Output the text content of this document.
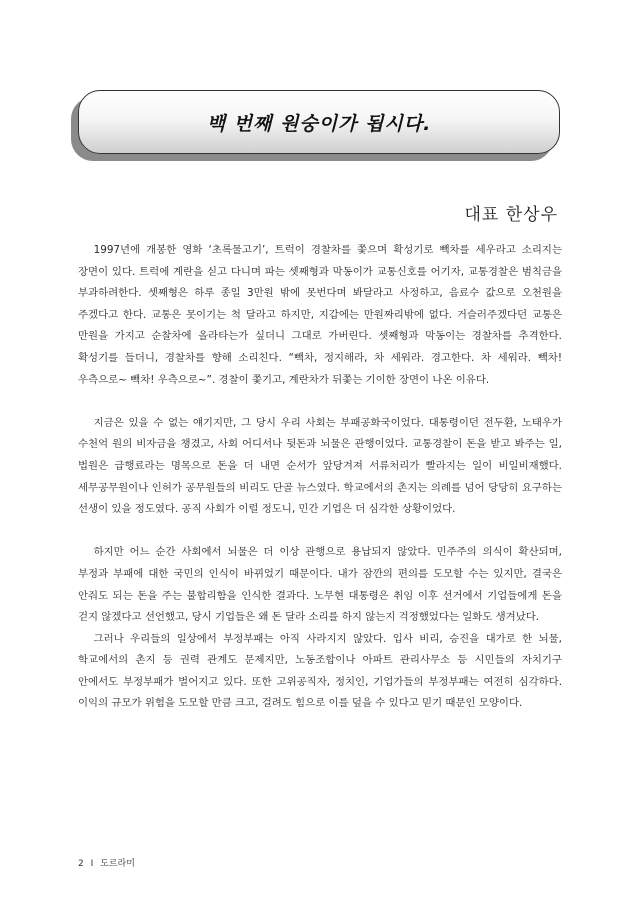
백 번째 원숭이가 됩시다.
대표 한상우

1997년에 개봉한 영화 ‘초록물고기’, 트럭이 경찰차를 쫓으며 확성기로 빽차를 세우라고 소리지는 장면이 있다. 트럭에 계란을 싣고 다니며 파는 셋째형과 막동이가 교통신호를 어기자, 교통경찰은 범칙금을 부과하려한다. 셋째형은 하루 종일 3만원 밖에 못번다며 봐달라고 사정하고, 음료수 값으로 오천원을 주겠다고 한다. 교통은 못이기는 척 달라고 하지만, 지갑에는 만원짜리밖에 없다. 거슬러주겠다던 교통은 만원을 가지고 순찰차에 올라타는가 싶더니 그대로 가버린다. 셋째형과 막동이는 경찰차를 추격한다. 확성기를 들더니, 경찰차를 향해 소리친다. “빽차, 정지해라, 차 세워라. 경고한다. 차 세워라. 빽차! 우측으로~ 빽차! 우측으로~”. 경찰이 쫓기고, 계란차가 뒤쫓는 기이한 장면이 나온 이유다.

지금은 있을 수 없는 얘기지만, 그 당시 우리 사회는 부패공화국이었다. 대통령이던 전두환, 노태우가 수천억 원의 비자금을 챙겼고, 사회 어디서나 뒷돈과 뇌물은 관행이었다. 교통경찰이 돈을 받고 봐주는 일, 법원은 급행료라는 명목으로 돈을 더 내면 순서가 앞당겨져 서류처리가 빨라지는 일이 비일비재했다. 세무공무원이나 인허가 공무원들의 비리도 단골 뉴스였다. 학교에서의 촌지는 의례를 넘어 당당히 요구하는 선생이 있을 정도였다. 공직 사회가 이럴 정도니, 민간 기업은 더 심각한 상황이었다.

하지만 어느 순간 사회에서 뇌물은 더 이상 관행으로 용납되지 않았다. 민주주의 의식이 확산되며, 부정과 부패에 대한 국민의 인식이 바뀌었기 때문이다. 내가 잠깐의 편의를 도모할 수는 있지만, 결국은 안줘도 되는 돈을 주는 불합리함을 인식한 결과다. 노무현 대통령은 취임 이후 선거에서 기업들에게 돈을 걷지 않겠다고 선언했고, 당시 기업들은 왜 돈 달라 소리를 하지 않는지 걱정했었다는 일화도 생겨났다.

그러나 우리들의 일상에서 부정부패는 아직 사라지지 않았다. 입사 비리, 승진을 대가로 한 뇌물, 학교에서의 촌지 등 권력 관계도 문제지만, 노동조합이나 아파트 관리사무소 등 시민들의 자치기구 안에서도 부정부패가 벌어지고 있다. 또한 고위공직자, 정치인, 기업가들의 부정부패는 여전히 심각하다. 이익의 규모가 위험을 도모할 만큼 크고, 걸려도 힘으로 이를 덮을 수 있다고 믿기 때문인 모양이다.

2 I 도르라미
